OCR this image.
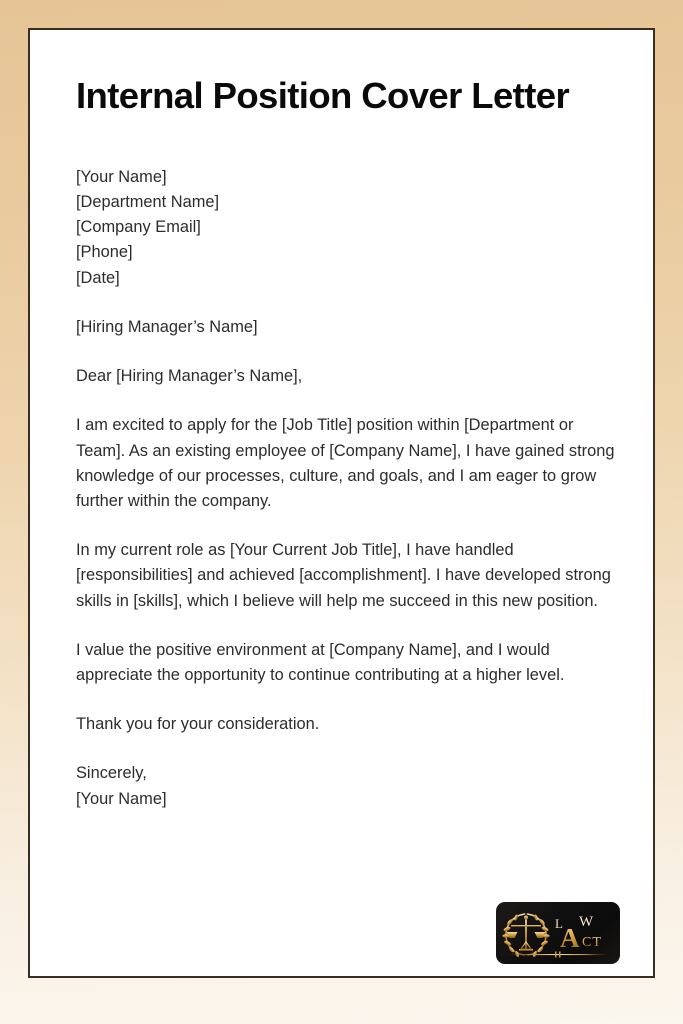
Internal Position Cover Letter
[Your Name]
[Department Name]
[Company Email]
[Phone]
[Date]
[Hiring Manager’s Name]
Dear [Hiring Manager’s Name],

I am excited to apply for the [Job Title] position within [Department or Team]. As an existing employee of [Company Name], I have gained strong knowledge of our processes, culture, and goals, and I am eager to grow further within the company.

In my current role as [Your Current Job Title], I have handled [responsibilities] and achieved [accomplishment]. I have developed strong skills in [skills], which I believe will help me succeed in this new position.

I value the positive environment at [Company Name], and I would appreciate the opportunity to continue contributing at a higher level.

Thank you for your consideration.

Sincerely,
[Your Name]
L
A
W
CT
